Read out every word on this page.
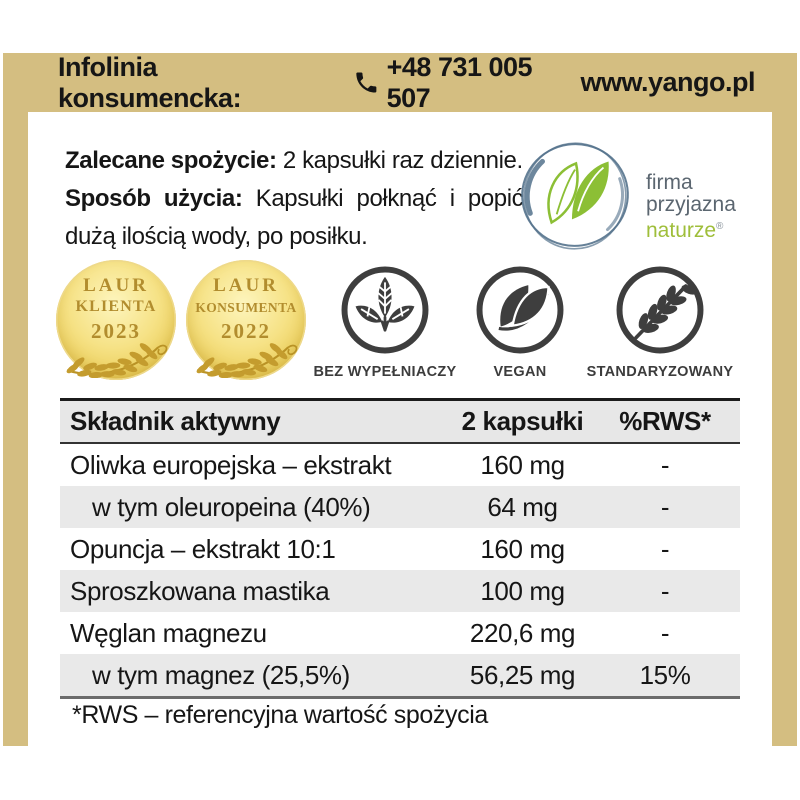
Infolinia konsumencka:
+48 731 005 507
www.yango.pl
Zalecane spożycie: 2 kapsułki raz dziennie.
Sposób użycia: Kapsułki połknąć i popić
dużą ilością wody, po posiłku.
firma
przyjazna
naturze®
LAUR
KLIENTA
2023
LAUR
KONSUMENTA
2022
BEZ WYPEŁNIACZY	VEGAN	STANDARYZOWANY
Składnik aktywny	2 kapsułki	%RWS*
Oliwka europejska – ekstrakt	160 mg	-
w tym oleuropeina (40%)	64 mg	-
Opuncja – ekstrakt 10:1	160 mg	-
Sproszkowana mastika	100 mg	-
Węglan magnezu	220,6 mg	-
w tym magnez (25,5%)	56,25 mg	15%
*RWS – referencyjna wartość spożycia
